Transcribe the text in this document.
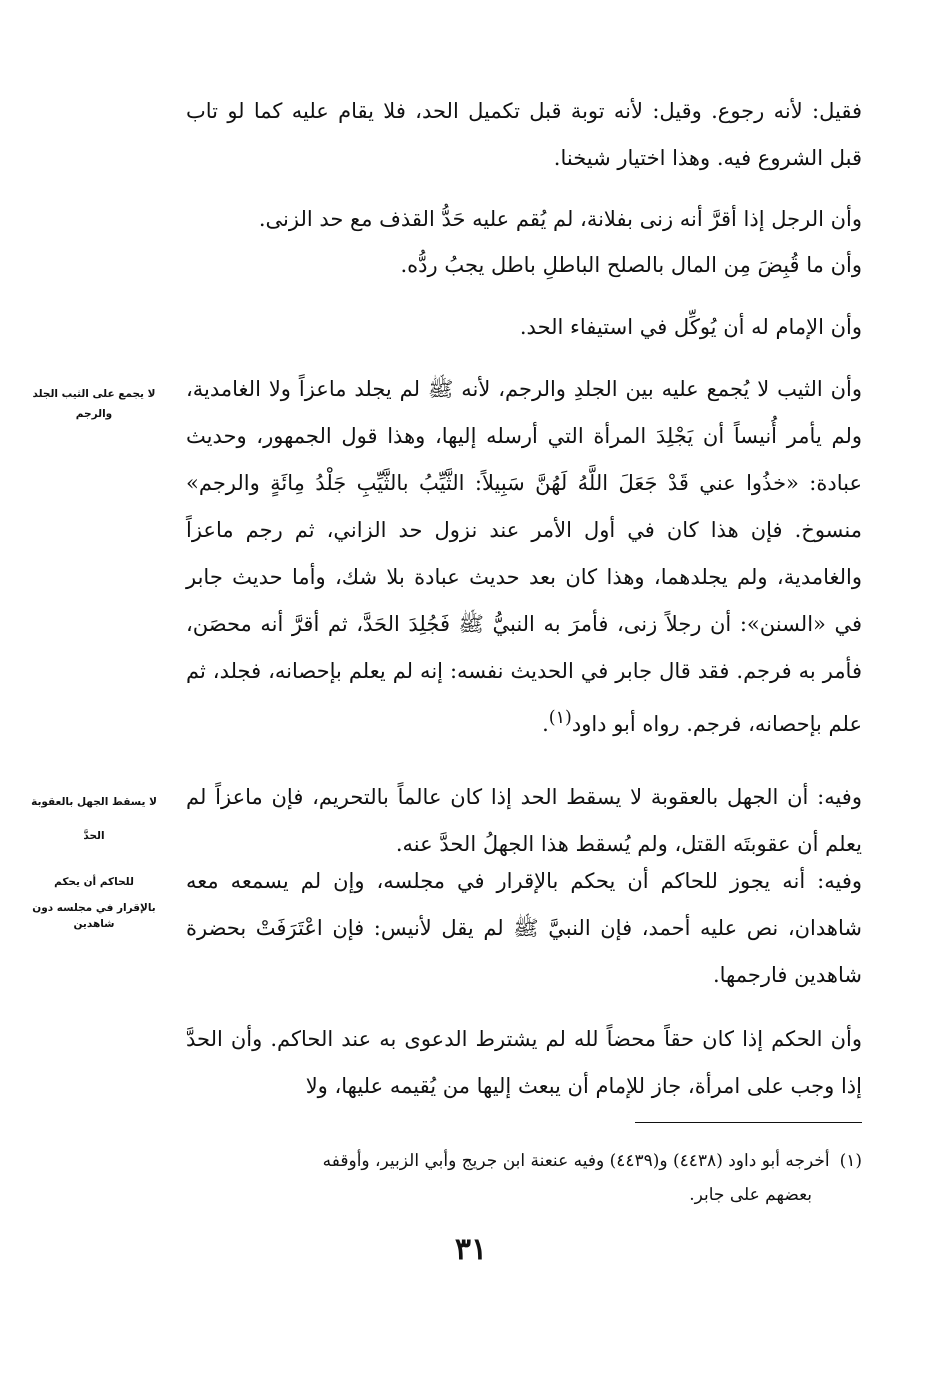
فقيل: لأنه رجوع. وقيل: لأنه توبة قبل تكميل الحد، فلا يقام عليه كما لو تاب قبل الشروع فيه. وهذا اختيار شيخنا.

وأن الرجل إذا أقرَّ أنه زنى بفلانة، لم يُقم عليه حَدُّ القذف مع حد الزنى.

وأن ما قُبِضَ مِن المال بالصلح الباطلِ باطل يجبُ ردُّه.

وأن الإمام له أن يُوكِّل في استيفاء الحد.

وأن الثيب لا يُجمع عليه بين الجلدِ والرجم، لأنه ﷺ لم يجلد ماعزاً ولا الغامدية، ولم يأمر أُنيساً أن يَجْلِدَ المرأة التي أرسله إليها، وهذا قول الجمهور، وحديث عبادة: «خذُوا عني قَدْ جَعَلَ اللَّهُ لَهُنَّ سَبِيلاً: الثَّيِّبُ بالثَّيِّبِ جَلْدُ مِائَةٍ والرجم» منسوخ. فإن هذا كان في أول الأمر عند نزول حد الزاني، ثم رجم ماعزاً والغامدية، ولم يجلدهما، وهذا كان بعد حديث عبادة بلا شك، وأما حديث جابر في «السنن»: أن رجلاً زنى، فأمرَ به النبيُّ ﷺ فَجُلِدَ الحَدَّ، ثم أقرَّ أنه محصَن، فأمر به فرجم. فقد قال جابر في الحديث نفسه: إنه لم يعلم بإحصانه، فجلد، ثم علم بإحصانه، فرجم. رواه أبو داود$^{(١)}$.

وفيه: أن الجهل بالعقوبة لا يسقط الحد إذا كان عالماً بالتحريم، فإن ماعزاً لم يعلم أن عقوبتَه القتل، ولم يُسقط هذا الجهلُ الحدَّ عنه.

وفيه: أنه يجوز للحاكم أن يحكم بالإقرار في مجلسه، وإن لم يسمعه معه شاهدان، نص عليه أحمد، فإن النبيَّ ﷺ لم يقل لأنيس: فإن اعْتَرَفَتْ بحضرة شاهدين فارجمها.

وأن الحكم إذا كان حقاً محضاً لله لم يشترط الدعوى به عند الحاكم. وأن الحدَّ إذا وجب على امرأة، جاز للإمام أن يبعث إليها من يُقيمه عليها، ولا

لا يجمع على الثيب الجلد
والرجم
لا يسقط الجهل بالعقوبة
الحدَّ
للحاكم أن يحكم
بالإقرار في مجلسه دون شاهدين
(١)أخرجه أبو داود (٤٤٣٨) و(٤٤٣٩) وفيه عنعنة ابن جريج وأبي الزبير، وأوقفه
بعضهم على جابر.
٣١
